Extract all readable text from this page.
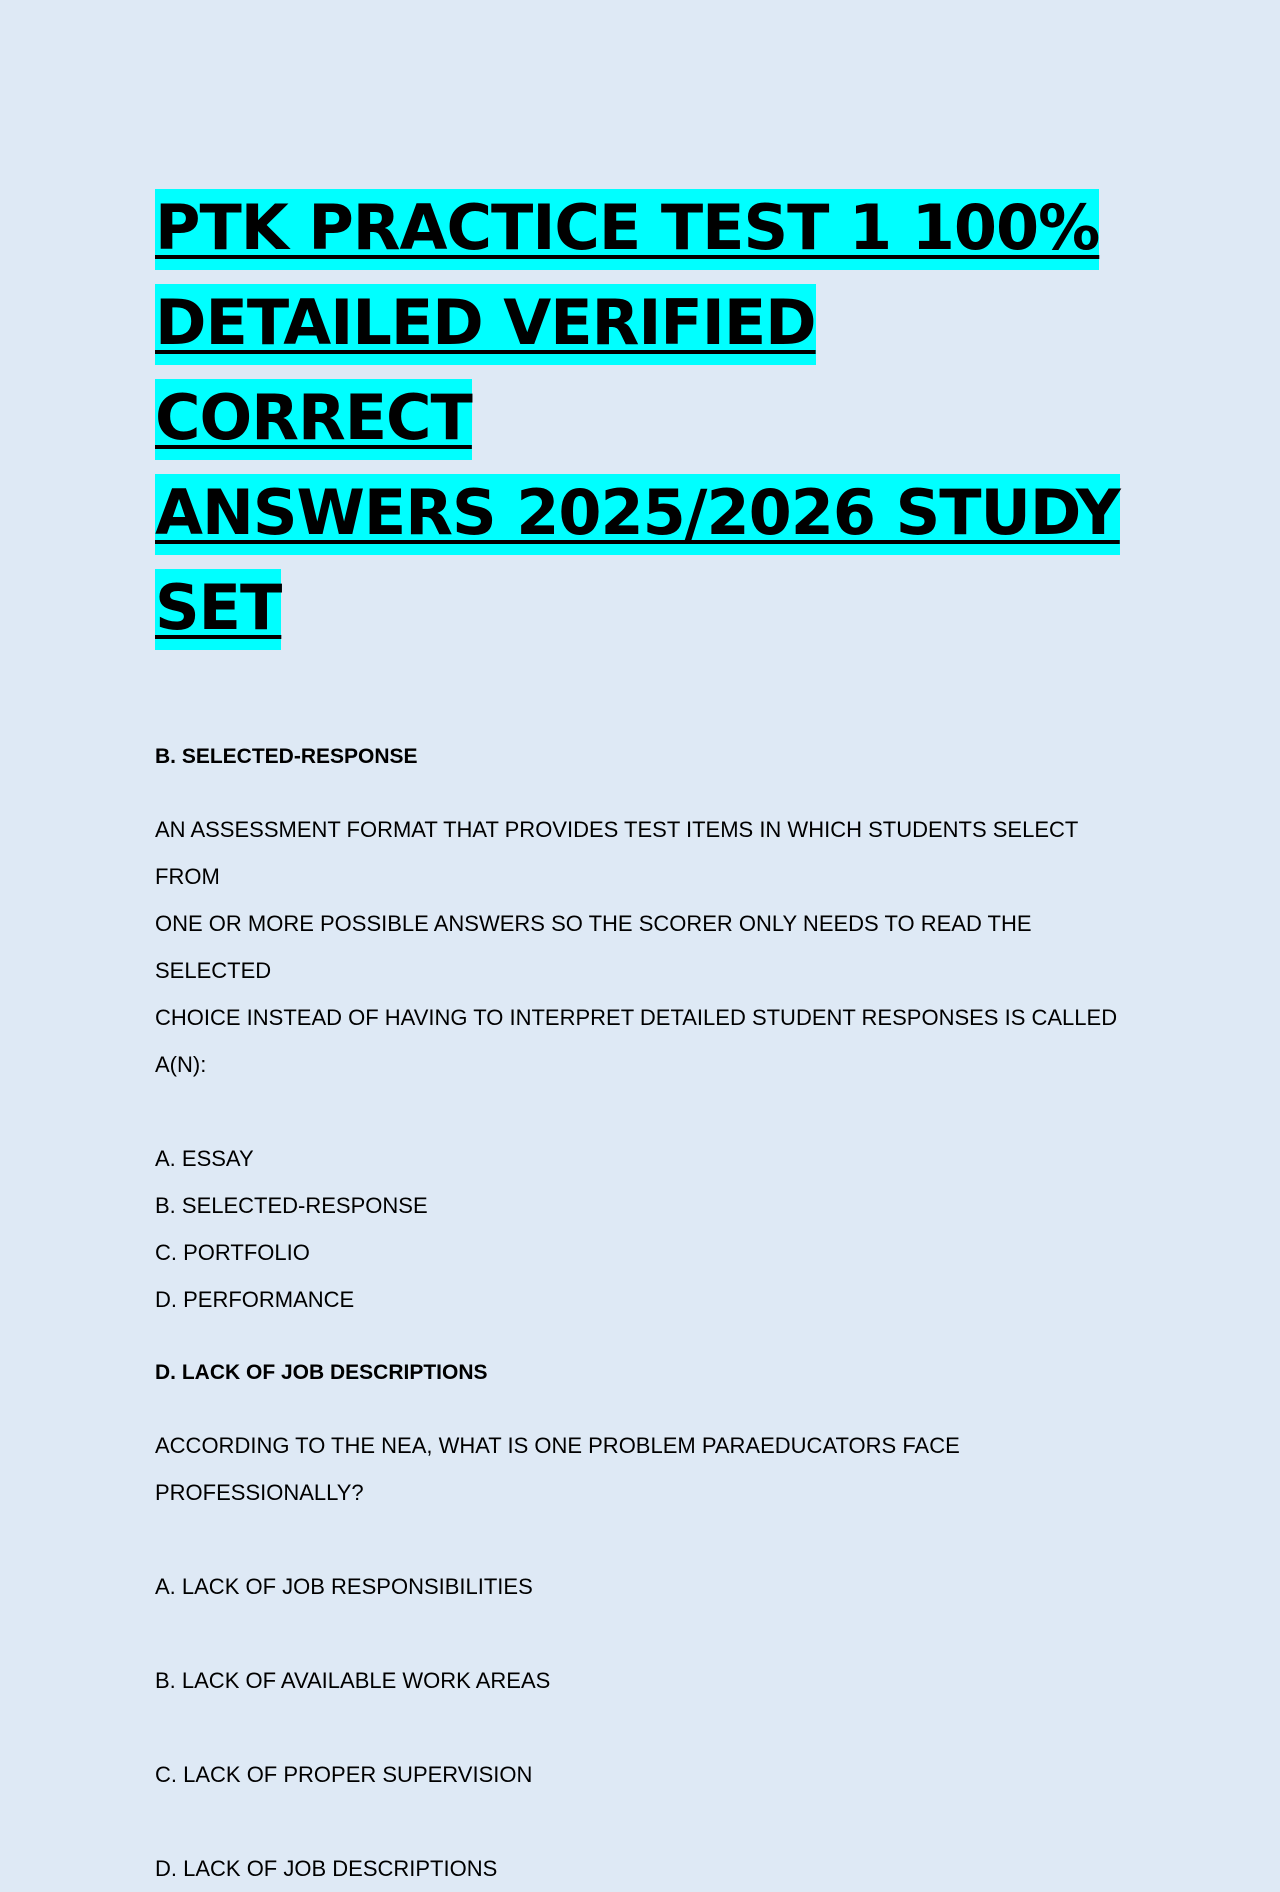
PTK PRACTICE TEST 1 100%
DETAILED VERIFIED CORRECT
ANSWERS 2025/2026 STUDY
SET

B. SELECTED-RESPONSE

AN ASSESSMENT FORMAT THAT PROVIDES TEST ITEMS IN WHICH STUDENTS SELECT FROM

ONE OR MORE POSSIBLE ANSWERS SO THE SCORER ONLY NEEDS TO READ THE SELECTED

CHOICE INSTEAD OF HAVING TO INTERPRET DETAILED STUDENT RESPONSES IS CALLED A(N):

A. ESSAY
B. SELECTED-RESPONSE
C. PORTFOLIO
D. PERFORMANCE

D. LACK OF JOB DESCRIPTIONS

ACCORDING TO THE NEA, WHAT IS ONE PROBLEM PARAEDUCATORS FACE PROFESSIONALLY?

A. LACK OF JOB RESPONSIBILITIES
B. LACK OF AVAILABLE WORK AREAS
C. LACK OF PROPER SUPERVISION
D. LACK OF JOB DESCRIPTIONS
